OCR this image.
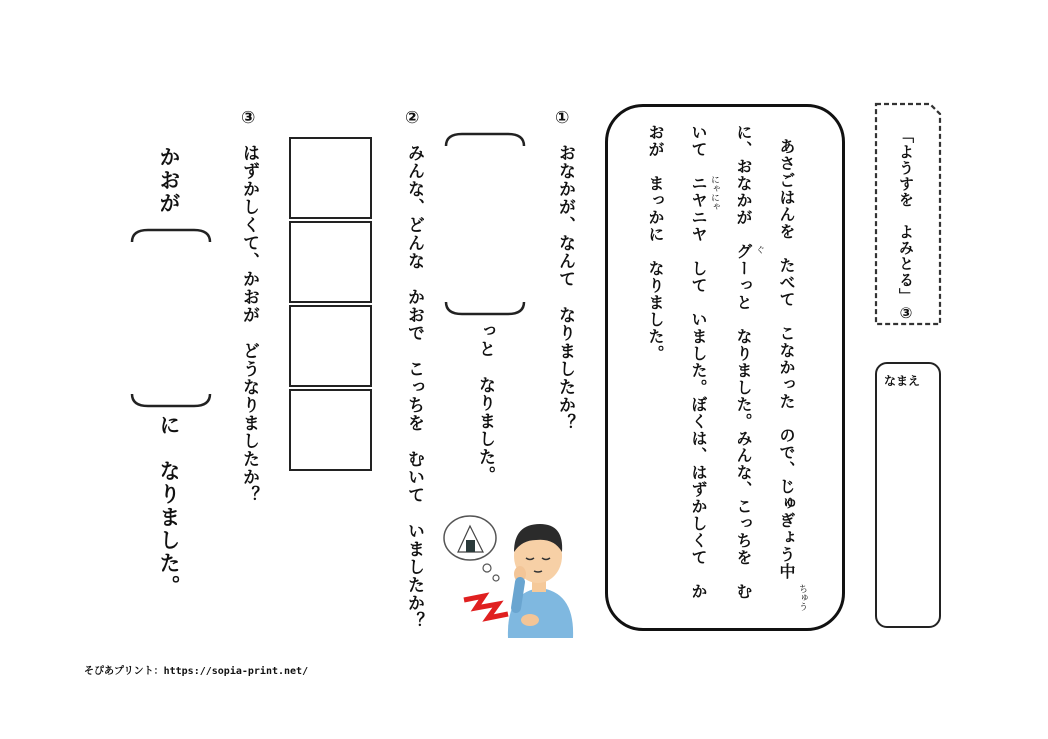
「ようすを　よみとる」③
なまえ
あさごはんを　たべて　こなかった　ので、じゅぎょう中
に、おなかが　グーっと　なりました。みんな、こっちを　む
いて　ニヤニヤ　して　いました。ぼくは、はずかしくて　か
おが　まっかに　なりました。
ちゅう
ぐ
にゃにゃ
①
おなかが、なんて　なりましたか？
っと　なりました。
②
みんな、どんな　かおで　こっちを　むいて　いましたか？
③
はずかしくて、かおが　どうなりましたか？
かおが
に　なりました。
そぴあプリント：https://sopia-print.net/
